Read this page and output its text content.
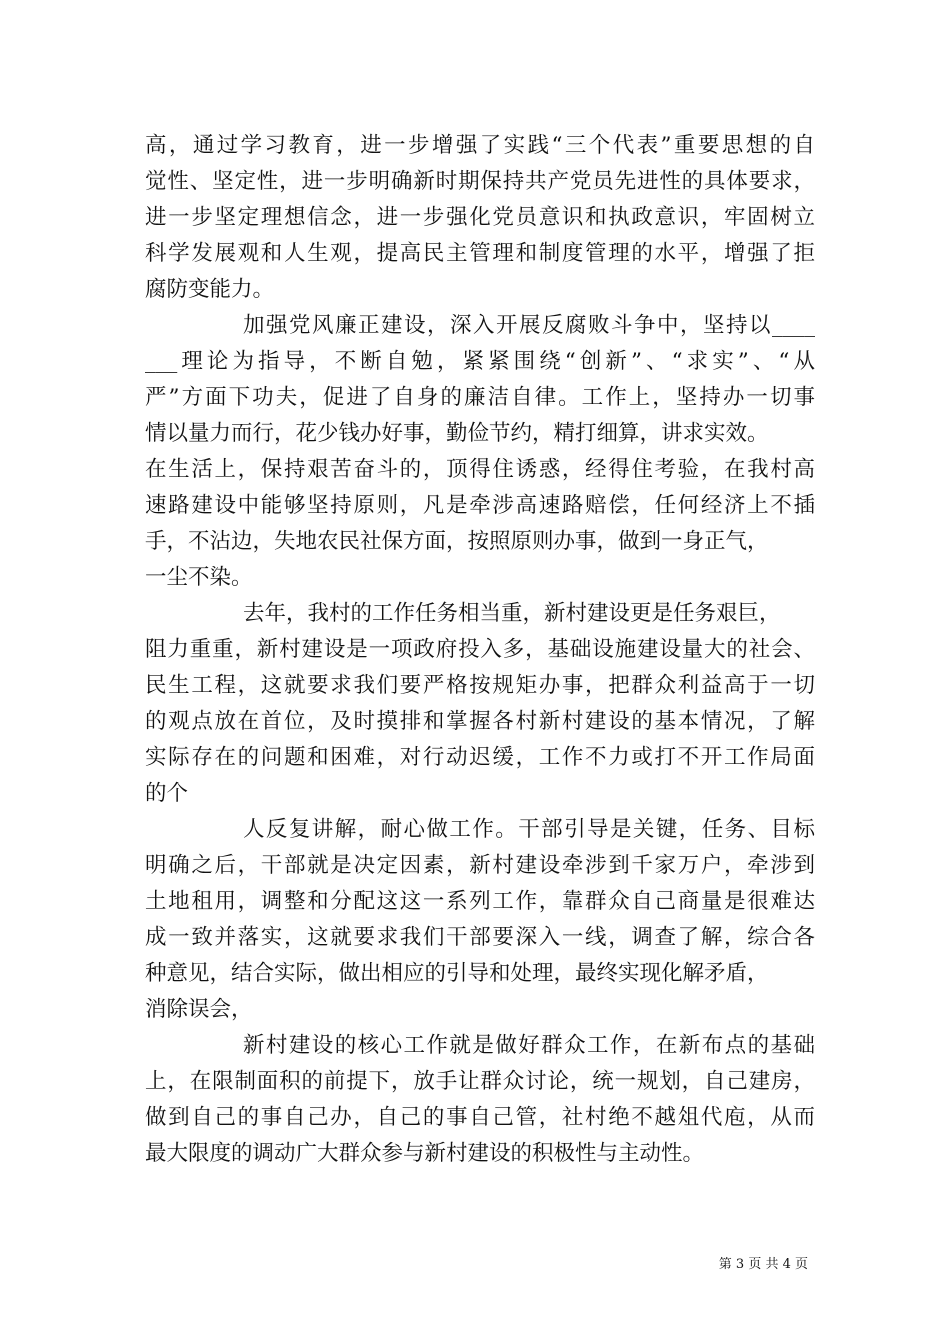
高，通过学习教育，进一步增强了实践“三个代表”重要思想的自
觉性、坚定性，进一步明确新时期保持共产党员先进性的具体要求，
进一步坚定理想信念，进一步强化党员意识和执政意识，牢固树立
科学发展观和人生观，提高民主管理和制度管理的水平，增强了拒
腐防变能力。
加强党风廉正建设，深入开展反腐败斗争中，坚持以____
___理论为指导，不断自勉，紧紧围绕“创新”、“求实”、“从
严”方面下功夫，促进了自身的廉洁自律。工作上，坚持办一切事
情以量力而行，花少钱办好事，勤俭节约，精打细算，讲求实效。
在生活上，保持艰苦奋斗的，顶得住诱惑，经得住考验，在我村高
速路建设中能够坚持原则，凡是牵涉高速路赔偿，任何经济上不插
手，不沾边，失地农民社保方面，按照原则办事，做到一身正气，
一尘不染。
去年，我村的工作任务相当重，新村建设更是任务艰巨，
阻力重重，新村建设是一项政府投入多，基础设施建设量大的社会、
民生工程，这就要求我们要严格按规矩办事，把群众利益高于一切
的观点放在首位，及时摸排和掌握各村新村建设的基本情况，了解
实际存在的问题和困难，对行动迟缓，工作不力或打不开工作局面
的个
人反复讲解，耐心做工作。干部引导是关键，任务、目标
明确之后，干部就是决定因素，新村建设牵涉到千家万户，牵涉到
土地租用，调整和分配这这一系列工作，靠群众自己商量是很难达
成一致并落实，这就要求我们干部要深入一线，调查了解，综合各
种意见，结合实际，做出相应的引导和处理，最终实现化解矛盾，
消除误会，
新村建设的核心工作就是做好群众工作，在新布点的基础
上，在限制面积的前提下，放手让群众讨论，统一规划，自己建房，
做到自己的事自己办，自己的事自己管，社村绝不越俎代庖，从而
最大限度的调动广大群众参与新村建设的积极性与主动性。
第 3 页 共 4 页
